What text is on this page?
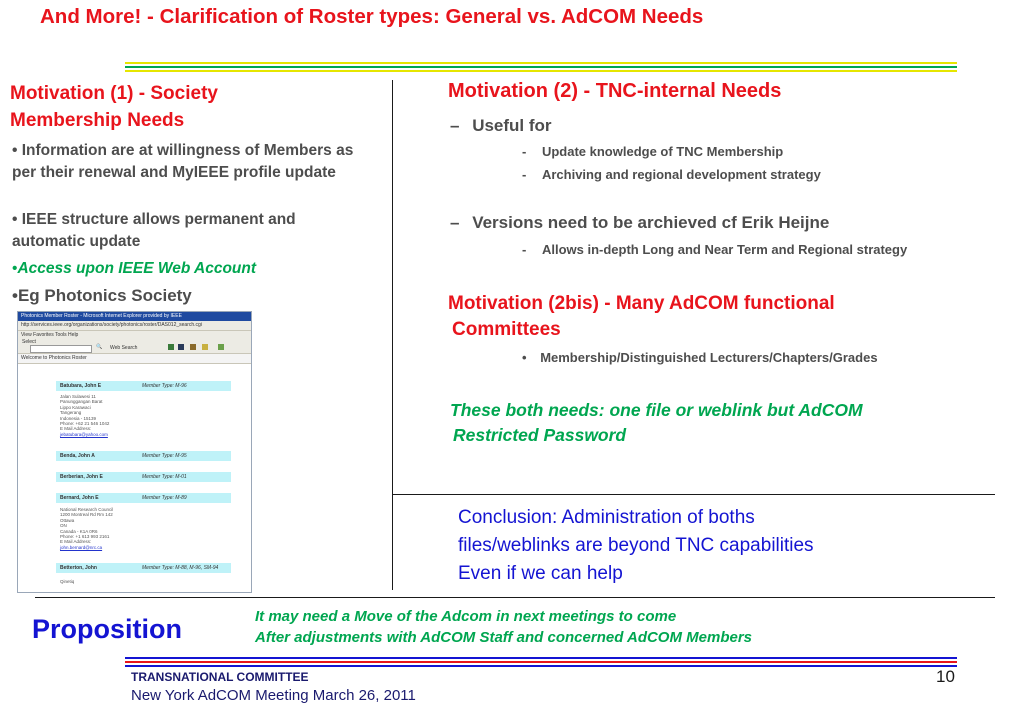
And More! - Clarification of Roster types: General vs. AdCOM Needs
Motivation (1) - Society Membership Needs
• Information are at willingness of Members as per their renewal and MyIEEE profile update
• IEEE structure allows permanent and automatic update
•Access upon IEEE Web Account
•Eg Photonics Society
Photonics Member Roster - Microsoft Internet Explorer provided by IEEE
http://services.ieee.org/organizations/society/photonics/roster/DAS012_search.cgi
View Favorites Tools Help
Select
🔍 Web Search
Welcome to Photonics Roster
Batubara, John E	Member Type: M-96
Jalan Sulawesi 11
Panunggangan Barat
Lippo Karawaci
Tangerang
Indonesia - 15139
Phone: +62 21 546 1042
E Mail Address:
jebatubara@yahoo.com
Benda, John A	Member Type: M-95
Berberian, John E	Member Type: M-01
Bernard, John E	Member Type: M-89
National Research Council
1200 Montreal Rd Rm 142
Ottawa
ON
Canada - K1A 0R6
Phone: +1 613 993 2161
E Mail Address:
john.bernard@nrc.ca
Betterton, John	Member Type: M-88, M-96, SM-94
Qinetiq
Motivation (2) - TNC-internal Needs
– Useful for
- Update knowledge of TNC Membership
- Archiving and regional development strategy
– Versions need to be archieved cf Erik Heijne
- Allows in-depth Long and Near Term and Regional strategy
Motivation (2bis) - Many AdCOM functional
Committees
• Membership/Distinguished Lecturers/Chapters/Grades
These both needs: one file or weblink but AdCOM
Restricted Password
Conclusion: Administration of boths
files/weblinks are beyond TNC capabilities
Even if we can help
Proposition	It may need a Move of the Adcom in next meetings to come
After adjustments with AdCOM Staff and concerned AdCOM Members
TRANSNATIONAL COMMITTEE
New York AdCOM Meeting March 26, 2011
10
